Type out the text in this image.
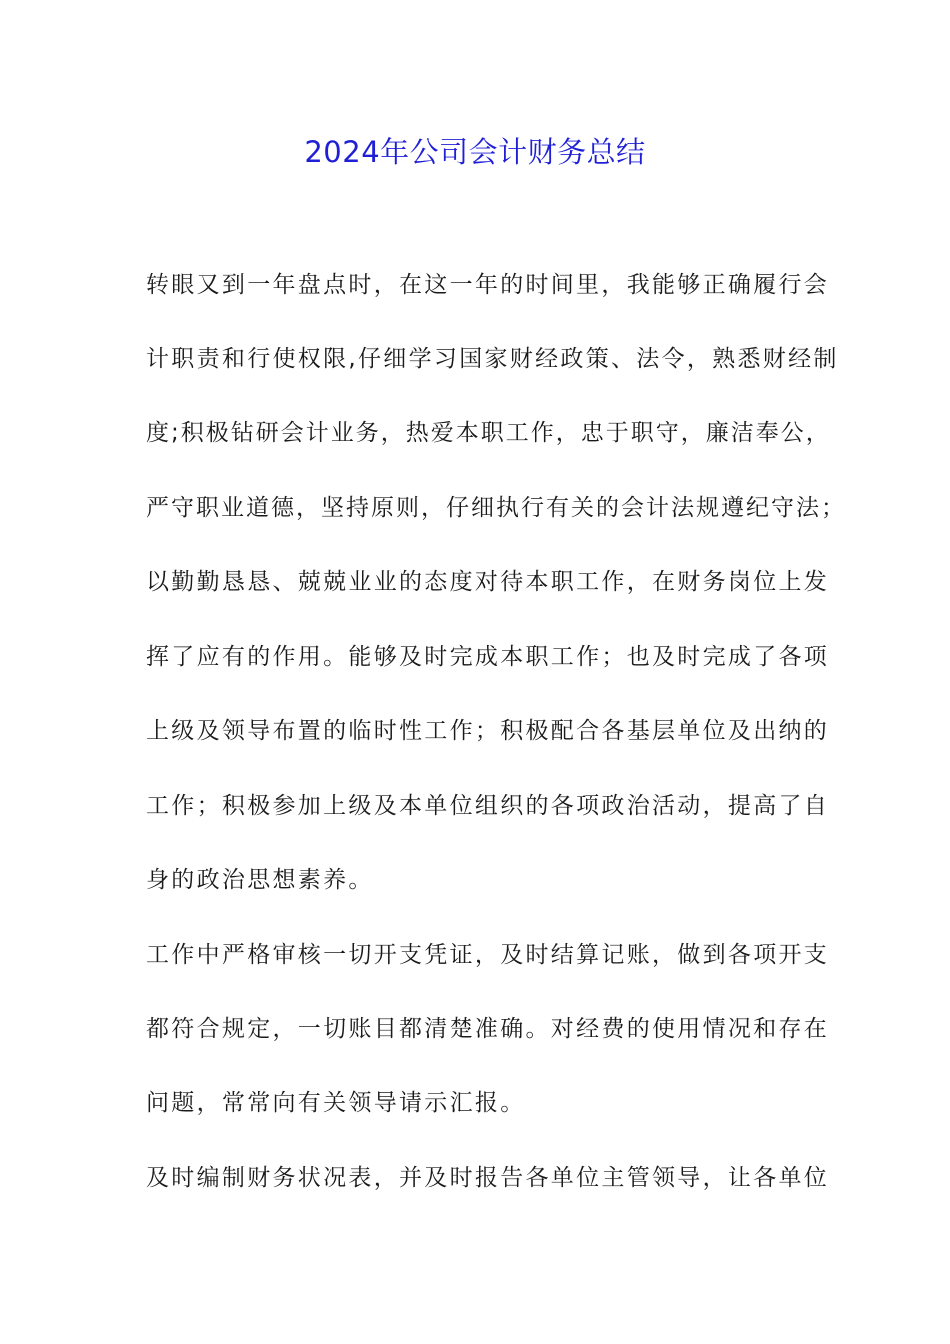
2024年公司会计财务总结
转眼又到一年盘点时，在这一年的时间里，我能够正确履行会
计职责和行使权限,仔细学习国家财经政策、法令，熟悉财经制
度;积极钻研会计业务，热爱本职工作，忠于职守，廉洁奉公，
严守职业道德，坚持原则，仔细执行有关的会计法规遵纪守法；
以勤勤恳恳、兢兢业业的态度对待本职工作，在财务岗位上发
挥了应有的作用。能够及时完成本职工作；也及时完成了各项
上级及领导布置的临时性工作；积极配合各基层单位及出纳的
工作；积极参加上级及本单位组织的各项政治活动，提高了自
身的政治思想素养。
工作中严格审核一切开支凭证，及时结算记账，做到各项开支
都符合规定，一切账目都清楚准确。对经费的使用情况和存在
问题，常常向有关领导请示汇报。
及时编制财务状况表，并及时报告各单位主管领导，让各单位
